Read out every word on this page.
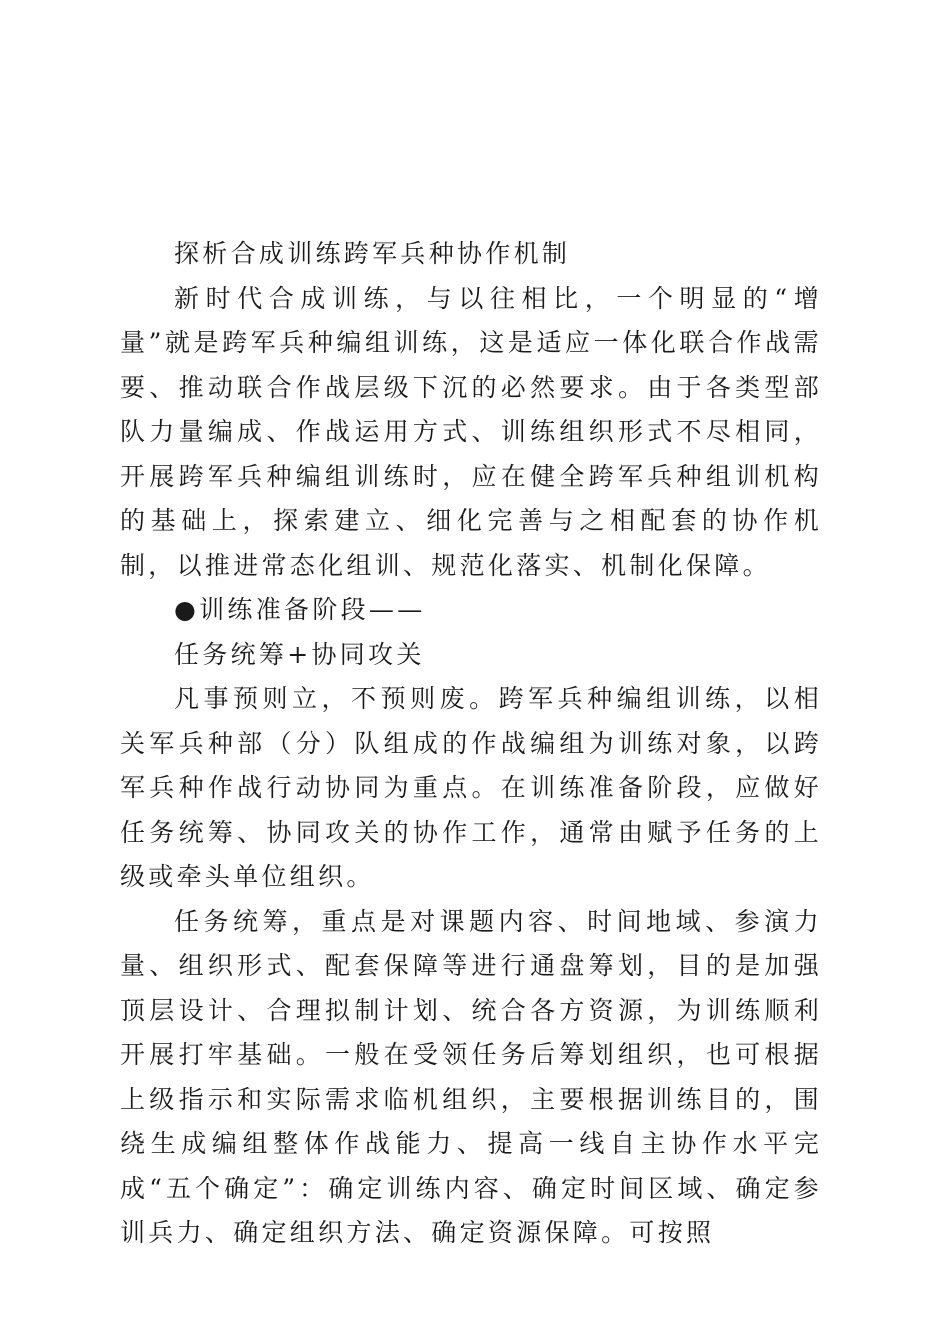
探析合成训练跨军兵种协作机制

新时代合成训练，与以往相比，一个明显的“增量”就是跨军兵种编组训练，这是适应一体化联合作战需要、推动联合作战层级下沉的必然要求。由于各类型部队力量编成、作战运用方式、训练组织形式不尽相同，开展跨军兵种编组训练时，应在健全跨军兵种组训机构的基础上，探索建立、细化完善与之相配套的协作机制，以推进常态化组训、规范化落实、机制化保障。

●训练准备阶段——

任务统筹+协同攻关

凡事预则立，不预则废。跨军兵种编组训练，以相关军兵种部（分）队组成的作战编组为训练对象，以跨军兵种作战行动协同为重点。在训练准备阶段，应做好任务统筹、协同攻关的协作工作，通常由赋予任务的上级或牵头单位组织。

任务统筹，重点是对课题内容、时间地域、参演力量、组织形式、配套保障等进行通盘筹划，目的是加强顶层设计、合理拟制计划、统合各方资源，为训练顺利开展打牢基础。一般在受领任务后筹划组织，也可根据上级指示和实际需求临机组织，主要根据训练目的，围绕生成编组整体作战能力、提高一线自主协作水平完成“五个确定”：确定训练内容、确定时间区域、确定参训兵力、确定组织方法、确定资源保障。可按照
